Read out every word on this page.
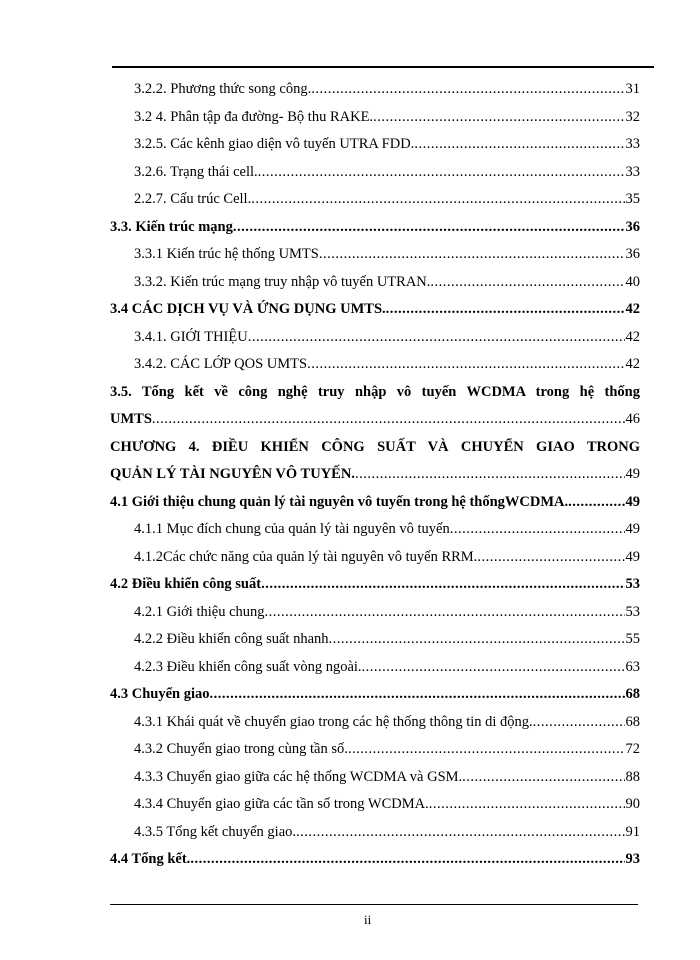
3.2.2. Phương thức song công. .....	31
3.2 4. Phân tập đa đường- Bộ thu RAKE. .....	32
3.2.5. Các kênh giao diện vô tuyến UTRA FDD. .....	33
3.2.6. Trạng thái cell. .....	33
2.2.7. Cấu trúc Cell. .....	35
3.3. Kiến trúc mạng .....	36
3.3.1 Kiến trúc hệ thống UMTS .....	36
3.3.2. Kiến trúc mạng truy nhập vô tuyến UTRAN. .....	40
3.4 CÁC DỊCH VỤ VÀ ỨNG DỤNG UMTS. .....	42
3.4.1. GIỚI THIỆU .....	42
3.4.2. CÁC LỚP QOS UMTS .....	42
3.5. Tổng kết về công nghệ truy nhập vô tuyến WCDMA trong hệ thống
UMTS .....	46
CHƯƠNG 4. ĐIỀU KHIỂN CÔNG SUẤT VÀ CHUYỂN GIAO TRONG
QUẢN LÝ TÀI NGUYÊN VÔ TUYẾN. .....	49
4.1 Giới thiệu chung quản lý tài nguyên vô tuyến trong hệ thốngWCDMA. .....	49
4.1.1 Mục đích chung của quản lý tài nguyên vô tuyến .....	49
4.1.2Các chức năng của quản lý tài nguyên vô tuyến RRM. .....	49
4.2 Điều khiển công suất .....	53
4.2.1 Giới thiệu chung .....	53
4.2.2 Điều khiển công suất nhanh .....	55
4.2.3 Điều khiển công suất vòng ngoài. .....	63
4.3 Chuyển giao .....	68
4.3.1 Khái quát về chuyển giao trong các hệ thống thông tin di động. .....	68
4.3.2 Chuyển giao trong cùng tần số. .....	72
4.3.3 Chuyển giao giữa các hệ thống WCDMA và GSM. .....	88
4.3.4 Chuyển giao giữa các tần số trong WCDMA. .....	90
4.3.5 Tổng kết chuyển giao. .....	91
4.4 Tổng kết. .....	93
ii
